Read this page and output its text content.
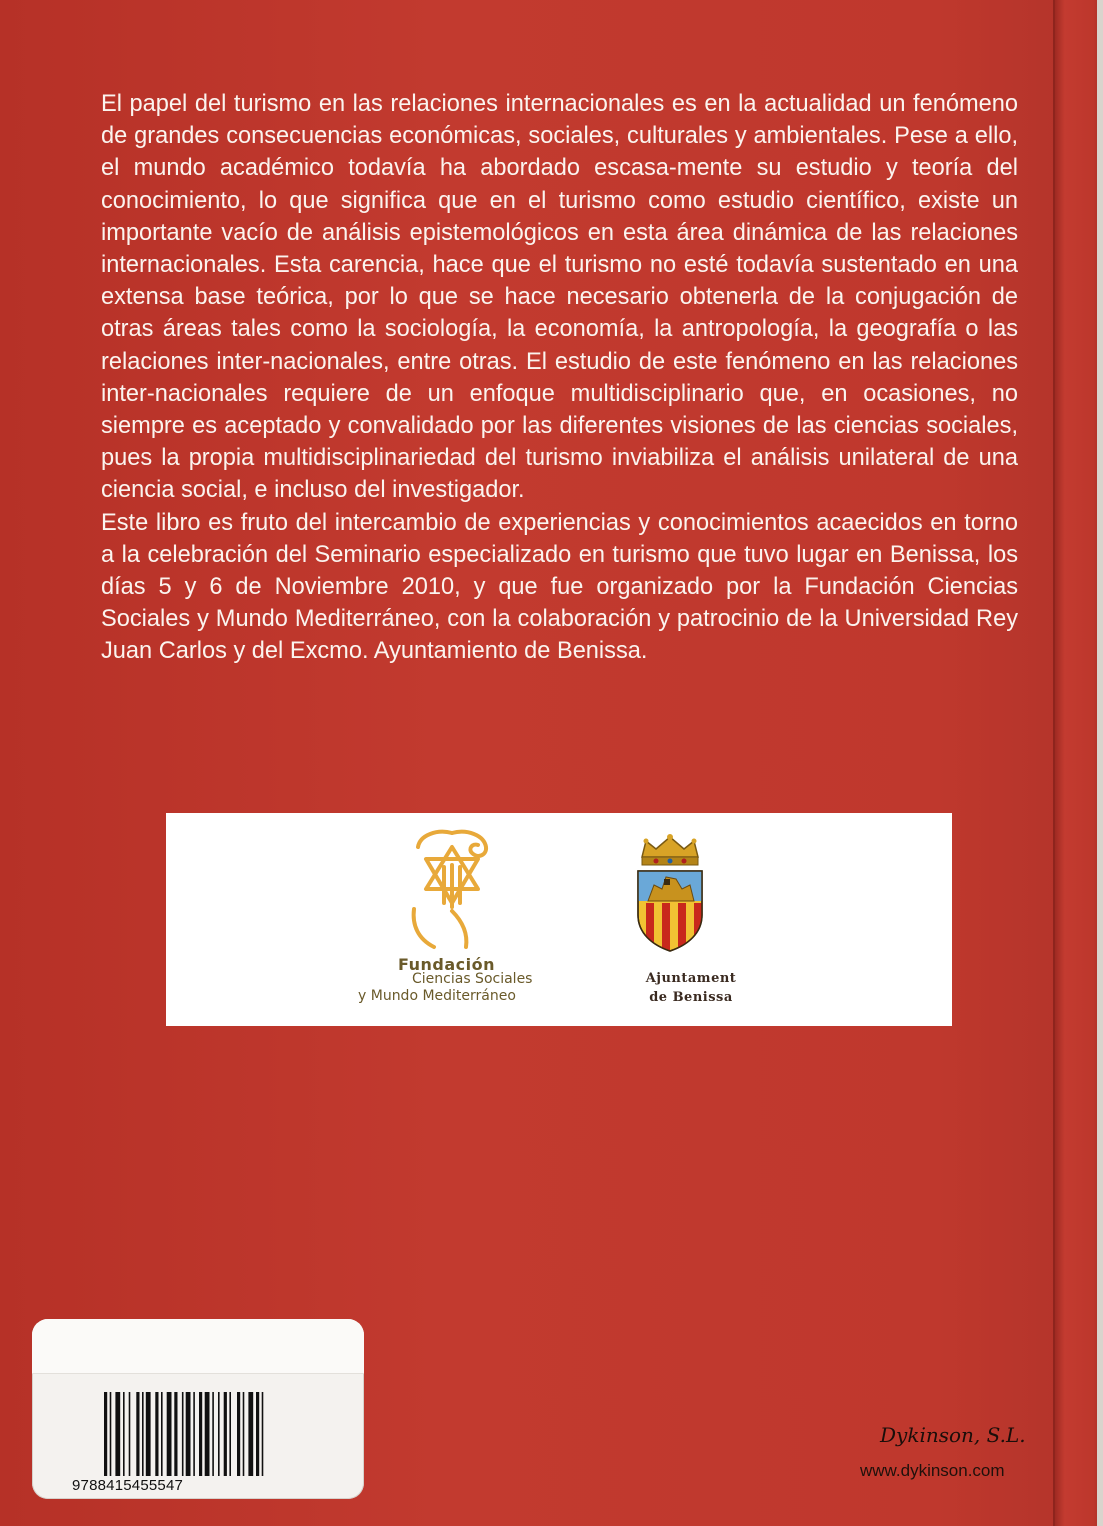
El papel del turismo en las relaciones internacionales es en la actualidad un fenómeno de grandes consecuencias económicas, sociales, culturales y ambientales. Pese a ello, el mundo académico todavía ha abordado escasa-mente su estudio y teoría del conocimiento, lo que significa que en el turismo como estudio científico, existe un importante vacío de análisis epistemológicos en esta área dinámica de las relaciones internacionales. Esta carencia, hace que el turismo no esté todavía sustentado en una extensa base teórica, por lo que se hace necesario obtenerla de la conjugación de otras áreas tales como la sociología, la economía, la antropología, la geografía o las relaciones inter-nacionales, entre otras. El estudio de este fenómeno en las relaciones inter-nacionales requiere de un enfoque multidisciplinario que, en ocasiones, no siempre es aceptado y convalidado por las diferentes visiones de las ciencias sociales, pues la propia multidisciplinariedad del turismo inviabiliza el análisis unilateral de una ciencia social, e incluso del investigador.

Este libro es fruto del intercambio de experiencias y conocimientos acaecidos en torno a la celebración del Seminario especializado en turismo que tuvo lugar en Benissa, los días 5 y 6 de Noviembre 2010, y que fue organizado por la Fundación Ciencias Sociales y Mundo Mediterráneo, con la colaboración y patrocinio de la Universidad Rey Juan Carlos y del Excmo. Ayuntamiento de Benissa.

Fundación
Ciencias Sociales
y Mundo Mediterráneo
Ajuntament
de Benissa
9788415455547
Dykinson, S.L.
www.dykinson.com
